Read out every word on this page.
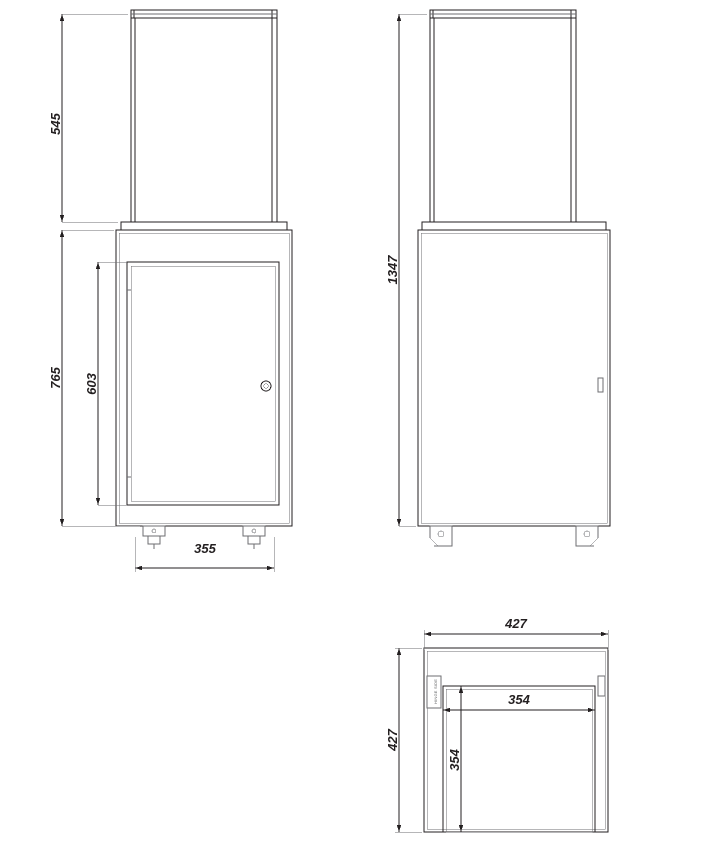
545
765 603
355
1347
427
427
354
354
HINGE SIDE
